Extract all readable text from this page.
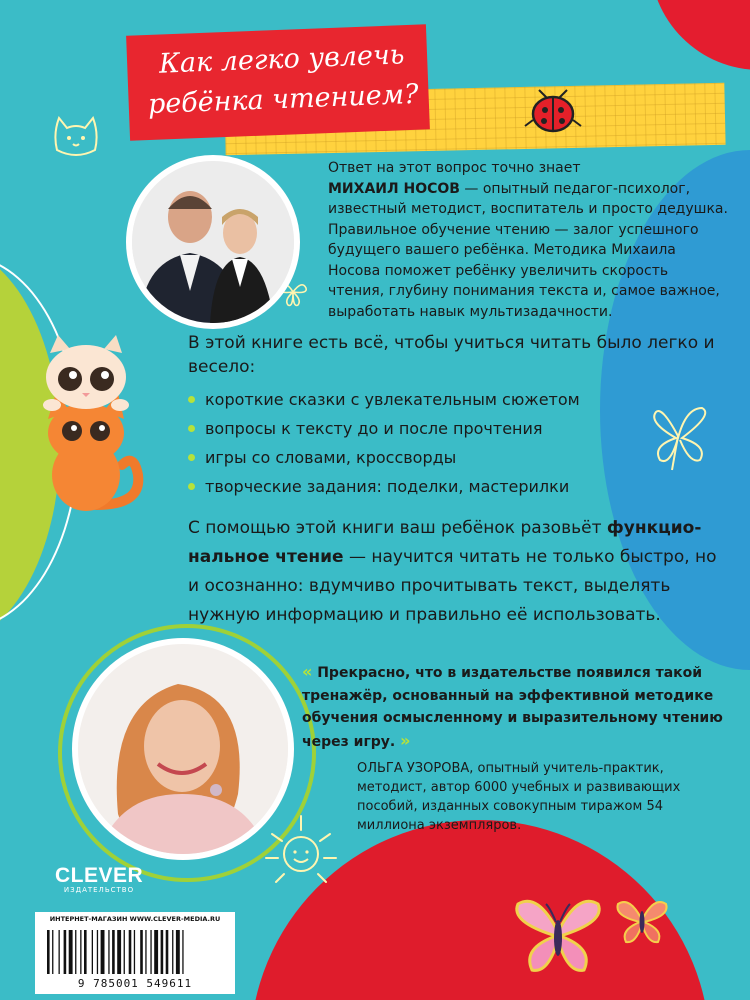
Как легко увлечь
ребёнка чтением?
Ответ на этот вопрос точно знает
МИХАИЛ НОСОВ — опытный педагог-психолог, известный методист, воспитатель и просто дедушка. Правильное обучение чтению — залог успешного будущего вашего ребёнка. Методика Михаила Носова поможет ребёнку увеличить скорость чтения, глубину понимания текста и, самое важное, выработать навык мультизадачности.
В этой книге есть всё, чтобы учиться читать было легко и весело:
короткие сказки с увлекательным сюжетом
вопросы к тексту до и после прочтения
игры со словами, кроссворды
творческие задания: поделки, мастерилки
С помощью этой книги ваш ребёнок разовьёт функциональное чтение — научится читать не только быстро, но и осознанно: вдумчиво прочитывать текст, выделять нужную информацию и правильно её использовать.
« Прекрасно, что в издательстве появился такой тренажёр, основанный на эффективной методике обучения осмысленному и выразительному чтению через игру. »
ОЛЬГА УЗОРОВА, опытный учитель-практик, методист, автор 6000 учебных и развивающих пособий, изданных совокупным тиражом 54 миллиона экземпляров.
CLEVER
ИЗДАТЕЛЬСТВО
ИНТЕРНЕТ-МАГАЗИН WWW.CLEVER-MEDIA.RU
9 785001 549611
